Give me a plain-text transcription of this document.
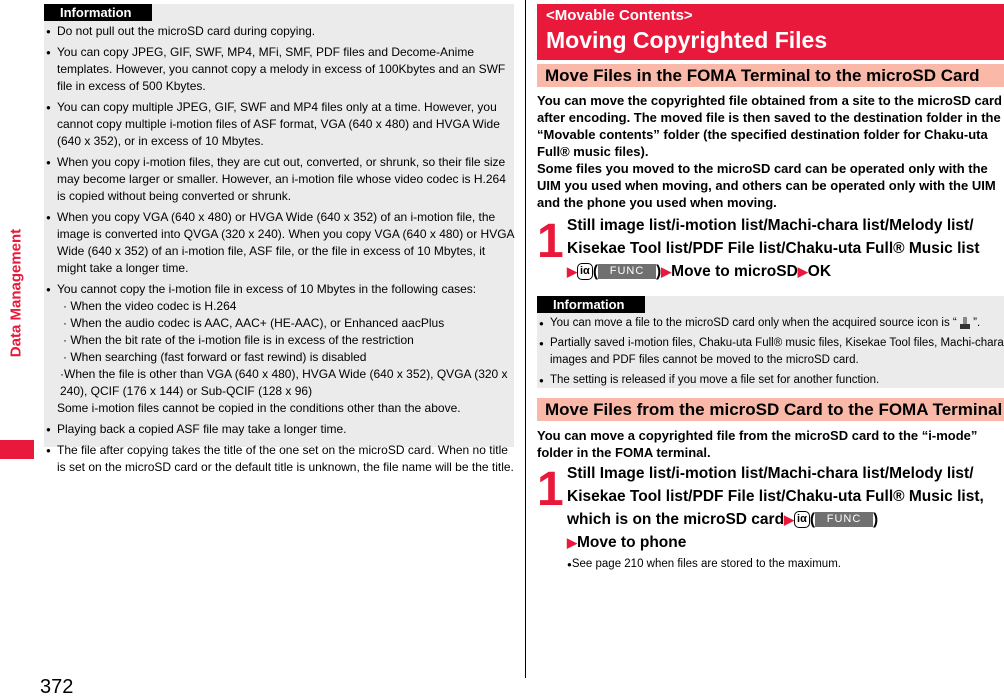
Data Management
372
Information
● Do not pull out the microSD card during copying.
● You can copy JPEG, GIF, SWF, MP4, MFi, SMF, PDF files and Decome-Anime templates. However, you cannot copy a melody in excess of 100Kbytes and an SWF file in excess of 500 Kbytes.
● You can copy multiple JPEG, GIF, SWF and MP4 files only at a time. However, you cannot copy multiple i-motion files of ASF format, VGA (640 x 480) and HVGA Wide (640 x 352), or in excess of 10 Mbytes.
● When you copy i-motion files, they are cut out, converted, or shrunk, so their file size may become larger or smaller. However, an i-motion file whose video codec is H.264 is copied without being converted or shrunk.
● When you copy VGA (640 x 480) or HVGA Wide (640 x 352) of an i-motion file, the image is converted into QVGA (320 x 240). When you copy VGA (640 x 480) or HVGA Wide (640 x 352) of an i-motion file, ASF file, or the file in excess of 10 Mbytes, it might take a longer time.
● You cannot copy the i-motion file in excess of 10 Mbytes in the following cases:
· When the video codec is H.264
· When the audio codec is AAC, AAC+ (HE-AAC), or Enhanced aacPlus
· When the bit rate of the i-motion file is in excess of the restriction
· When searching (fast forward or fast rewind) is disabled
·When the file is other than VGA (640 x 480), HVGA Wide (640 x 352), QVGA (320 x 240), QCIF (176 x 144) or Sub-QCIF (128 x 96)
Some i-motion files cannot be copied in the conditions other than the above.
● Playing back a copied ASF file may take a longer time.
● The file after copying takes the title of the one set on the microSD card. When no title is set on the microSD card or the default title is unknown, the file name will be the title.
<Movable Contents>
Moving Copyrighted Files
Move Files in the FOMA Terminal to the microSD Card
You can move the copyrighted file obtained from a site to the microSD card after encoding. The moved file is then saved to the destination folder in the “Movable contents” folder (the specified destination folder for Chaku-uta Full® music files).
Some files you moved to the microSD card can be operated only with the UIM you used when moving, and others can be operated only with the UIM and the phone you used when moving.
1 Still image list/i-motion list/Machi-chara list/Melody list/
Kisekae Tool list/PDF File list/Chaku-uta Full® Music list
▶ iα ( FUNC )▶Move to microSD▶OK
Information
● You can move a file to the microSD card only when the acquired source icon is “ ”.
● Partially saved i-motion files, Chaku-uta Full® music files, Kisekae Tool files, Machi-chara images and PDF files cannot be moved to the microSD card.
● The setting is released if you move a file set for another function.
Move Files from the microSD Card to the FOMA Terminal
You can move a copyrighted file from the microSD card to the “i-mode” folder in the FOMA terminal.
1 Still Image list/i-motion list/Machi-chara list/Melody list/
Kisekae Tool list/PDF File list/Chaku-uta Full® Music list,
which is on the microSD card▶ iα ( FUNC )
▶Move to phone
●See page 210 when files are stored to the maximum.
